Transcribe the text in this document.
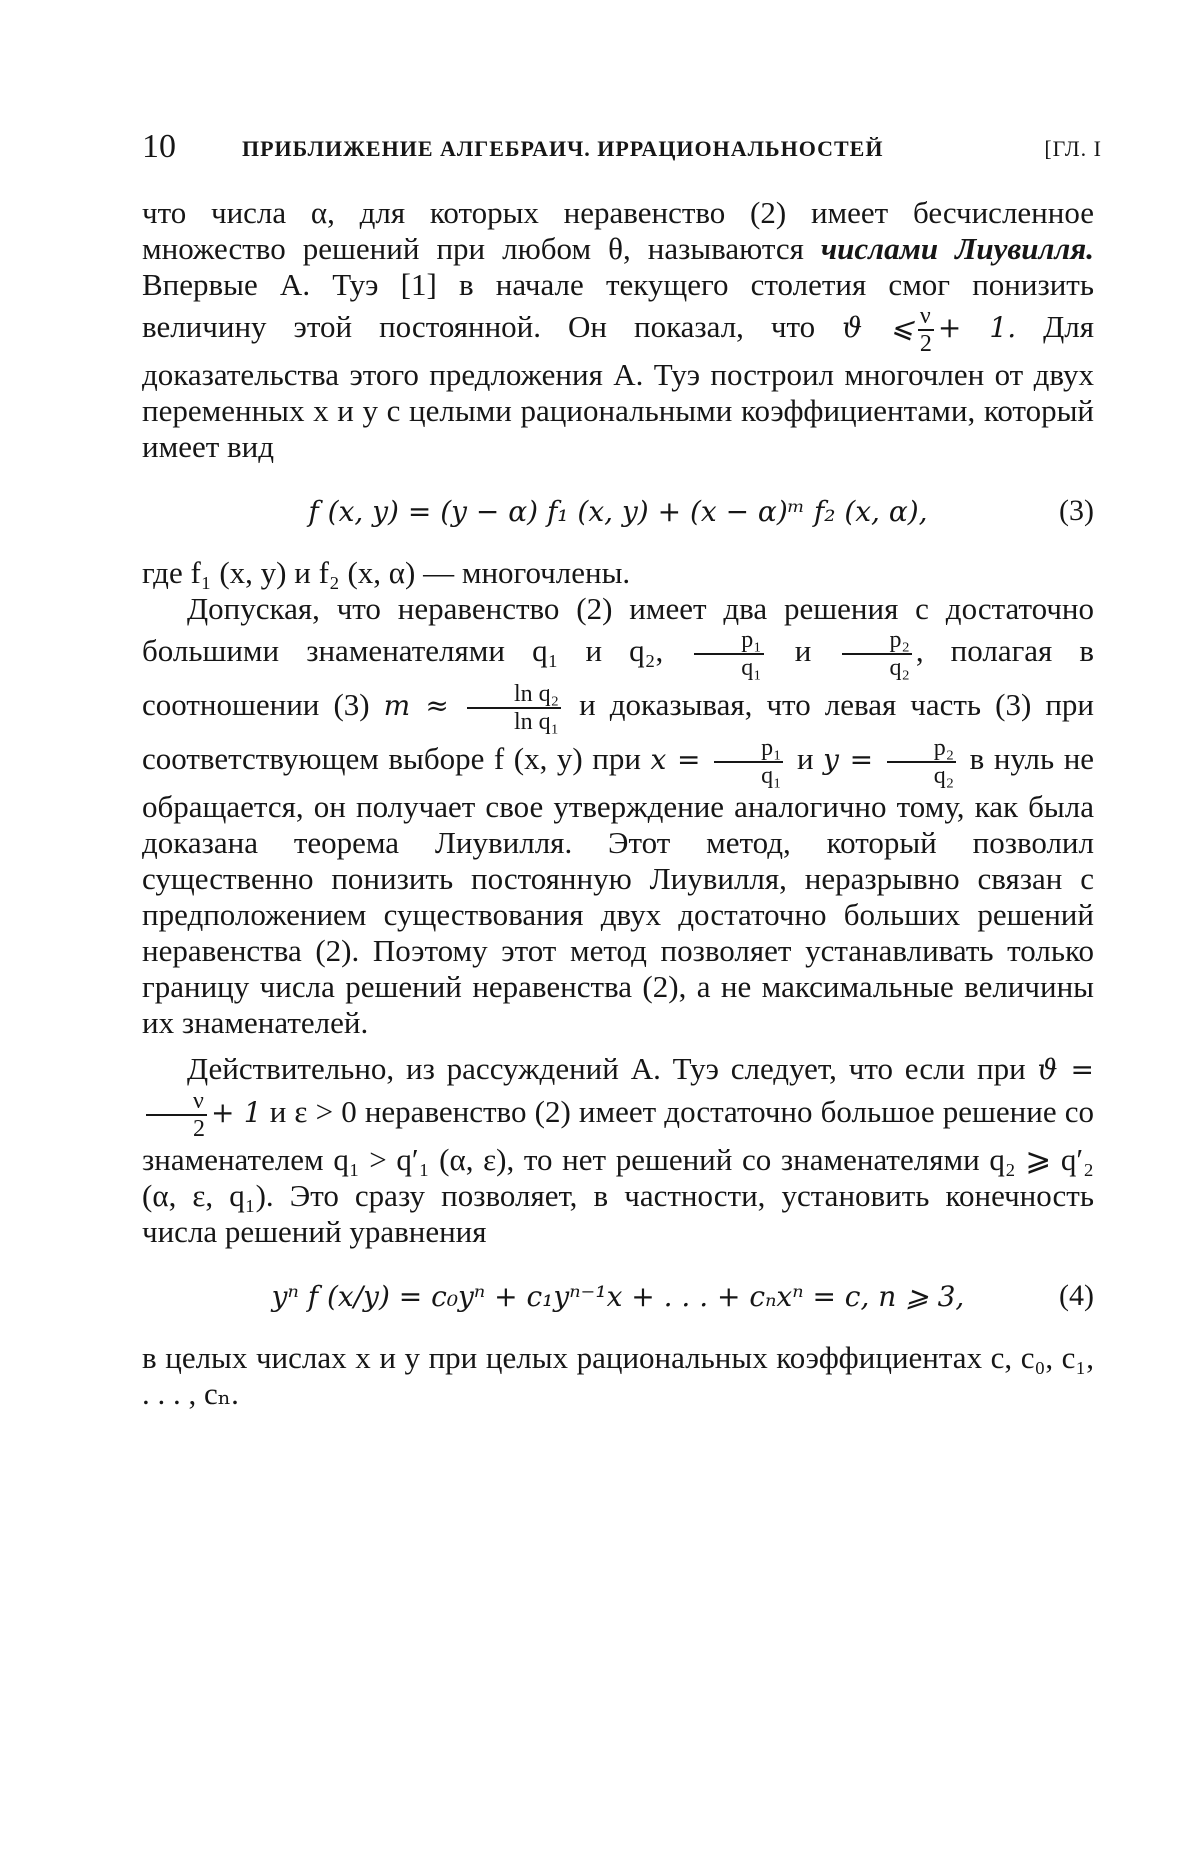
10	ПРИБЛИЖЕНИЕ АЛГЕБРАИЧ. ИРРАЦИОНАЛЬНОСТЕЙ	[ГЛ. I

что числа α, для которых неравенство (2) имеет бесчисленное множество решений при любом θ, называются числами Лиувилля. Впервые А. Туэ [1] в начале текущего столетия смог понизить величину этой постоянной. Он показал, что ϑ ⩽ $\frac{\nu}{2} + 1$. Для доказательства этого предложения А. Туэ построил многочлен от двух переменных x и y с целыми рациональными коэффициентами, который имеет вид

f (x, y) = (y − α) f₁ (x, y) + (x − α)ᵐ f₂ (x, α),	(3)

где f₁ (x, y) и f₂ (x, α) — многочлены.

Допуская, что неравенство (2) имеет два решения с достаточно большими знаменателями q₁ и q₂, $\frac{\text{p₁}}{\text{q₁}}$ и $\frac{\text{p₂}}{\text{q₂}}$ , полагая в соотношении (3) $m \approx \frac{\text{ln q₂}}{\text{ln q₁}}$ и доказывая, что левая часть (3) при соответствующем выборе f (x, y) при $x = \frac{\text{p₁}}{\text{q₁}}$ и $y = \frac{\text{p₂}}{\text{q₂}}$ в нуль не обращается, он получает свое утверждение аналогично тому, как была доказана теорема Лиувилля. Этот метод, который позволил существенно понизить постоянную Лиувилля, неразрывно связан с предположением существования двух достаточно больших решений неравенства (2). Поэтому этот метод позволяет устанавливать только границу числа решений неравенства (2), а не максимальные величины их знаменателей.

Действительно, из рассуждений А. Туэ следует, что если при ϑ =
$\frac{\nu}{2} + 1$ и ε > 0 неравенство (2) имеет достаточно большое решение со знаменателем q₁ > q′₁ (α, ε), то нет решений со знаменателями q₂ ⩾ q′₂ (α, ε, q₁). Это сразу позволяет, в частности, установить конечность числа решений уравнения

yⁿ f (x/y) = c₀yⁿ + c₁yⁿ⁻¹x + . . . + cₙxⁿ = c, n ⩾ 3,	(4)

в целых числах x и y при целых рациональных коэффициентах c, c₀, c₁, . . . , cₙ.
